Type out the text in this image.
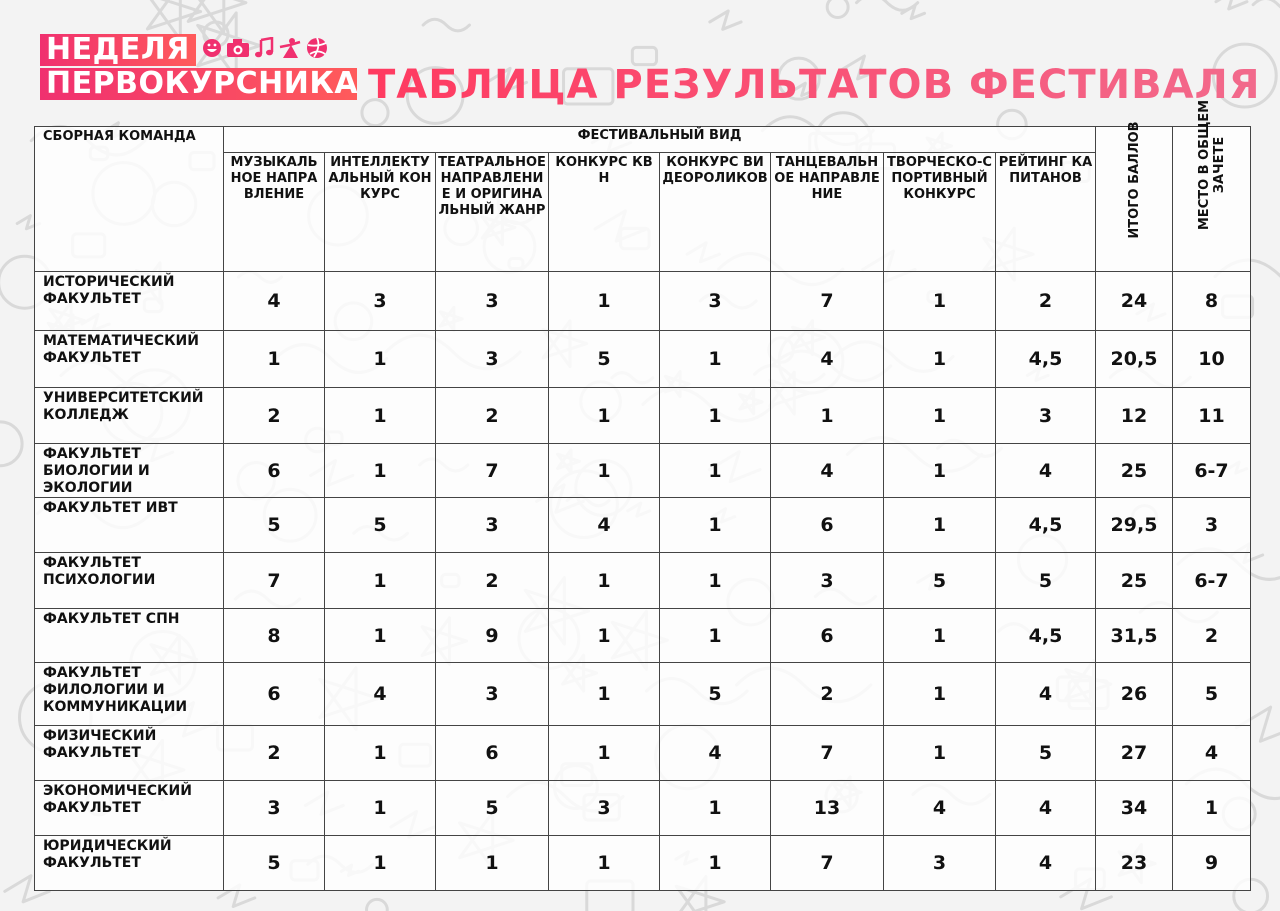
НЕДЕЛЯ
ПЕРВОКУРСНИКА ТАБЛИЦА РЕЗУЛЬТАТОВ ФЕСТИВАЛЯ
СБОРНАЯ КОМАНДА	ФЕСТИВАЛЬНЫЙ ВИД								ИТОГО БАЛЛОВ	МЕСТО В ОБЩЕМ ЗАЧЕТЕ

	МУЗЫКАЛЬНОЕ НАПРАВЛЕНИЕ	ИНТЕЛЛЕКТУАЛЬНЫЙ КОНКУРС	ТЕАТРАЛЬНОЕ НАПРАВЛЕНИЕ И ОРИГИНАЛЬНЫЙ ЖАНР	КОНКУРС КВН	КОНКУРС ВИДЕОРОЛИКОВ	ТАНЦЕВАЛЬНОЕ НАПРАВЛЕНИЕ	ТВОРЧЕСКО-СПОРТИВНЫЙ КОНКУРС	РЕЙТИНГ КАПИТАНОВ		
ИСТОРИЧЕСКИЙ ФАКУЛЬТЕТ	4	3	3	1	3	7	1	2	24	8
МАТЕМАТИЧЕСКИЙ ФАКУЛЬТЕТ	1	1	3	5	1	4	1	4,5	20,5	10
УНИВЕРСИТЕТСКИЙ КОЛЛЕДЖ	2	1	2	1	1	1	1	3	12	11
ФАКУЛЬТЕТ БИОЛОГИИ И ЭКОЛОГИИ	6	1	7	1	1	4	1	4	25	6-7
ФАКУЛЬТЕТ ИВТ	5	5	3	4	1	6	1	4,5	29,5	3
ФАКУЛЬТЕТ ПСИХОЛОГИИ	7	1	2	1	1	3	5	5	25	6-7
ФАКУЛЬТЕТ СПН	8	1	9	1	1	6	1	4,5	31,5	2
ФАКУЛЬТЕТ ФИЛОЛОГИИ И КОММУНИКАЦИИ	6	4	3	1	5	2	1	4	26	5
ФИЗИЧЕСКИЙ ФАКУЛЬТЕТ	2	1	6	1	4	7	1	5	27	4
ЭКОНОМИЧЕСКИЙ ФАКУЛЬТЕТ	3	1	5	3	1	13	4	4	34	1
ЮРИДИЧЕСКИЙ ФАКУЛЬТЕТ	5	1	1	1	1	7	3	4	23	9
